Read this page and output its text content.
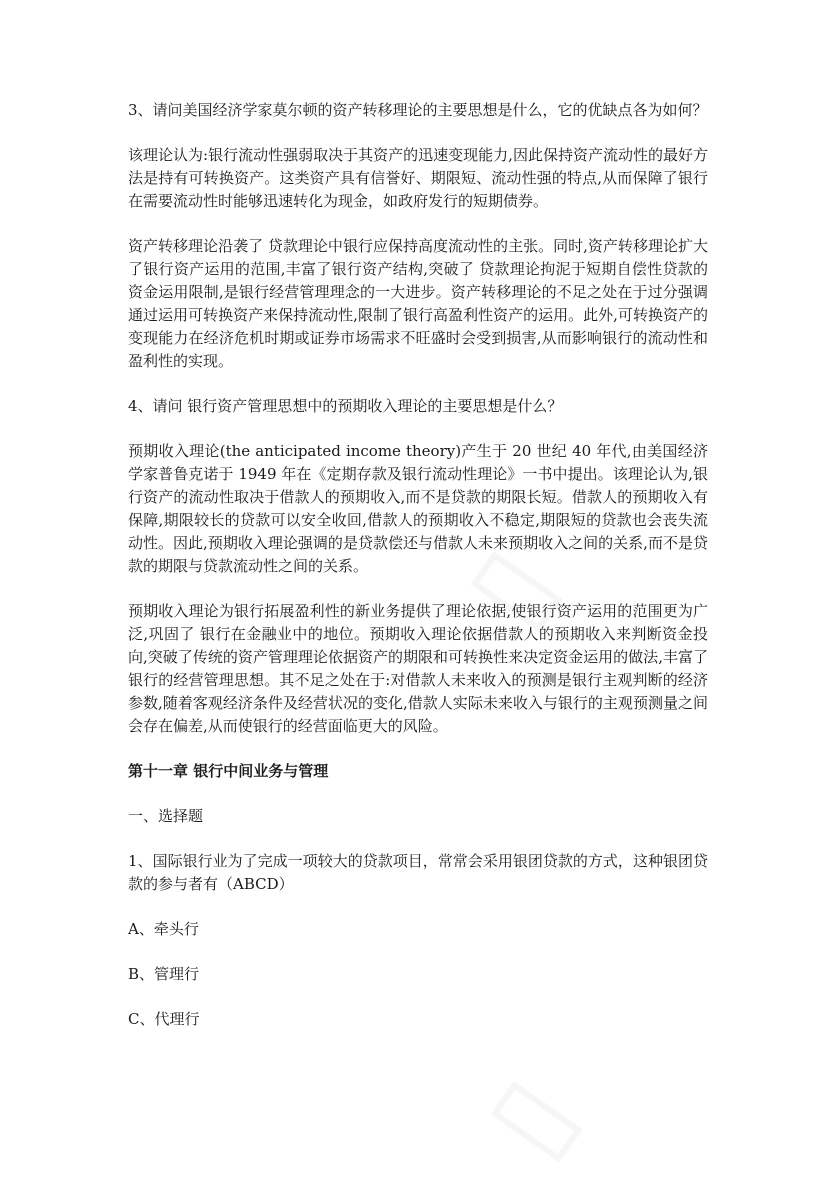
3、请问美国经济学家莫尔顿的资产转移理论的主要思想是什么，它的优缺点各为如何？

该理论认为:银行流动性强弱取决于其资产的迅速变现能力,因此保持资产流动性的最好方法是持有可转换资产。这类资产具有信誉好、期限短、流动性强的特点,从而保障了银行在需要流动性时能够迅速转化为现金，如政府发行的短期债券。

资产转移理论沿袭了 贷款理论中银行应保持高度流动性的主张。同时,资产转移理论扩大了银行资产运用的范围,丰富了银行资产结构,突破了 贷款理论拘泥于短期自偿性贷款的资金运用限制,是银行经营管理理念的一大进步。资产转移理论的不足之处在于过分强调通过运用可转换资产来保持流动性,限制了银行高盈利性资产的运用。此外,可转换资产的变现能力在经济危机时期或证券市场需求不旺盛时会受到损害,从而影响银行的流动性和盈利性的实现。

4、请问 银行资产管理思想中的预期收入理论的主要思想是什么？

预期收入理论(the anticipated income theory)产生于 20 世纪 40 年代,由美国经济学家普鲁克诺于 1949 年在《定期存款及银行流动性理论》一书中提出。该理论认为,银行资产的流动性取决于借款人的预期收入,而不是贷款的期限长短。借款人的预期收入有保障,期限较长的贷款可以安全收回,借款人的预期收入不稳定,期限短的贷款也会丧失流动性。因此,预期收入理论强调的是贷款偿还与借款人未来预期收入之间的关系,而不是贷款的期限与贷款流动性之间的关系。

预期收入理论为银行拓展盈利性的新业务提供了理论依据,使银行资产运用的范围更为广泛,巩固了 银行在金融业中的地位。预期收入理论依据借款人的预期收入来判断资金投向,突破了传统的资产管理理论依据资产的期限和可转换性来决定资金运用的做法,丰富了银行的经营管理思想。其不足之处在于:对借款人未来收入的预测是银行主观判断的经济参数,随着客观经济条件及经营状况的变化,借款人实际未来收入与银行的主观预测量之间会存在偏差,从而使银行的经营面临更大的风险。

第十一章 银行中间业务与管理

一、选择题

1、国际银行业为了完成一项较大的贷款项目，常常会采用银团贷款的方式，这种银团贷款的参与者有（ABCD）

A、牵头行

B、管理行

C、代理行
